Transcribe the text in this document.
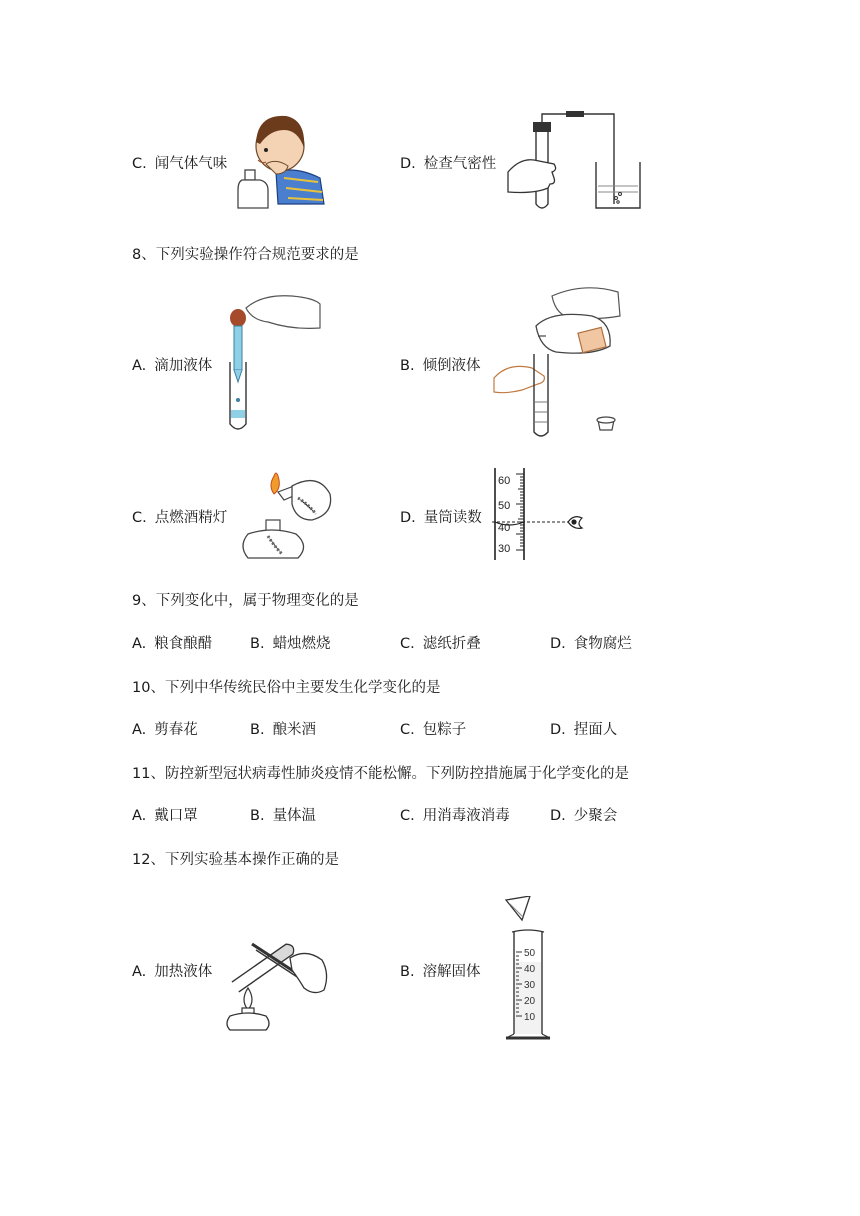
C. 闻气体气味	D. 检查气密性
8、下列实验操作符合规范要求的是
A. 滴加液体	B. 倾倒液体
C. 点燃酒精灯	D. 量筒读数
60
50
40
30
9、下列变化中，属于物理变化的是
A. 粮食酿醋	B. 蜡烛燃烧	C. 滤纸折叠	D. 食物腐烂
10、下列中华传统民俗中主要发生化学变化的是
A. 剪春花	B. 酿米酒	C. 包粽子	D. 捏面人
11、防控新型冠状病毒性肺炎疫情不能松懈。下列防控措施属于化学变化的是
A. 戴口罩	B. 量体温	C. 用消毒液消毒	D. 少聚会
12、下列实验基本操作正确的是
A. 加热液体	B. 溶解固体
50
40
30
20
10
